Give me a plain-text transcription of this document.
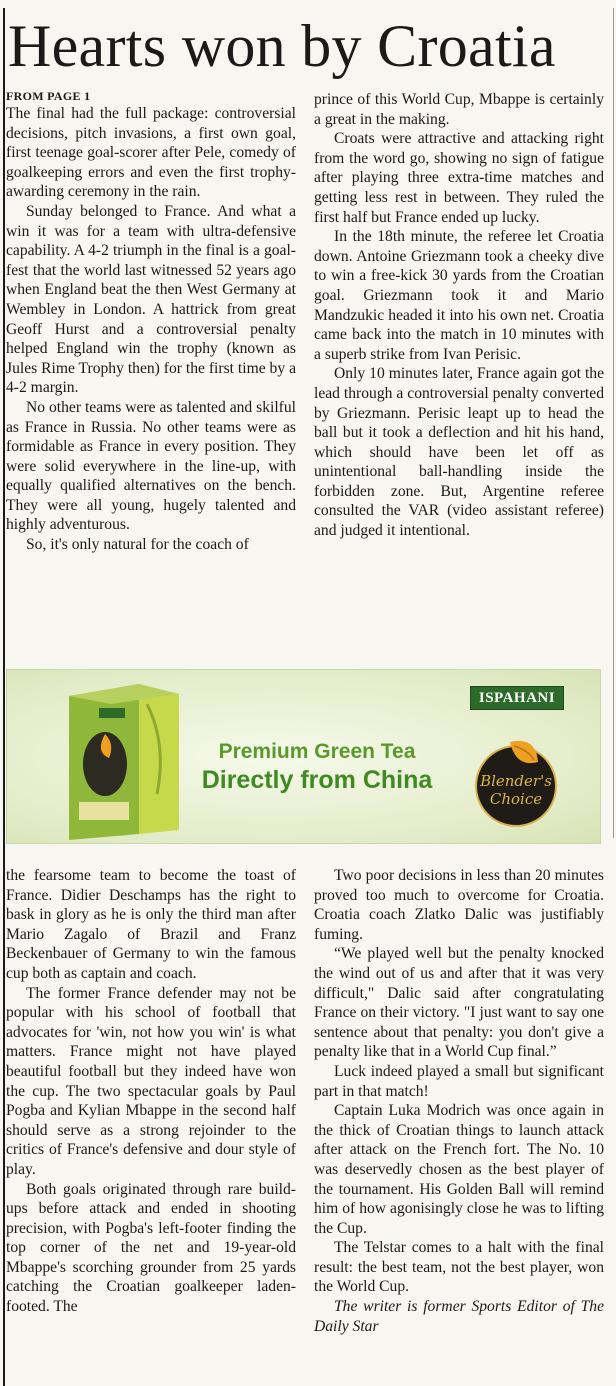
Hearts won by Croatia
FROM PAGE 1

The final had the full package: controversial decisions, pitch invasions, a first own goal, first teenage goal-scorer after Pele, comedy of goalkeeping errors and even the first trophy-awarding ceremony in the rain.

Sunday belonged to France. And what a win it was for a team with ultra-defensive capability. A 4-2 triumph in the final is a goal-fest that the world last witnessed 52 years ago when England beat the then West Germany at Wembley in London. A hattrick from great Geoff Hurst and a controversial penalty helped England win the trophy (known as Jules Rime Trophy then) for the first time by a 4-2 margin.

No other teams were as talented and skilful as France in Russia. No other teams were as formidable as France in every position. They were solid everywhere in the line-up, with equally qualified alternatives on the bench. They were all young, hugely talented and highly adventurous.

So, it's only natural for the coach of

prince of this World Cup, Mbappe is certainly a great in the making.

Croats were attractive and attacking right from the word go, showing no sign of fatigue after playing three extra-time matches and getting less rest in between. They ruled the first half but France ended up lucky.

In the 18th minute, the referee let Croatia down. Antoine Griezmann took a cheeky dive to win a free-kick 30 yards from the Croatian goal. Griezmann took it and Mario Mandzukic headed it into his own net. Croatia came back into the match in 10 minutes with a superb strike from Ivan Perisic.

Only 10 minutes later, France again got the lead through a controversial penalty converted by Griezmann. Perisic leapt up to head the ball but it took a deflection and hit his hand, which should have been let off as unintentional ball-handling inside the forbidden zone. But, Argentine referee consulted the VAR (video assistant referee) and judged it intentional.

Premium Green Tea
Directly from China
ISPAHANI
Blender's
Choice

the fearsome team to become the toast of France. Didier Deschamps has the right to bask in glory as he is only the third man after Mario Zagalo of Brazil and Franz Beckenbauer of Germany to win the famous cup both as captain and coach.

The former France defender may not be popular with his school of football that advocates for 'win, not how you win' is what matters. France might not have played beautiful football but they indeed have won the cup. The two spectacular goals by Paul Pogba and Kylian Mbappe in the second half should serve as a strong rejoinder to the critics of France's defensive and dour style of play.

Both goals originated through rare build-ups before attack and ended in shooting precision, with Pogba's left-footer finding the top corner of the net and 19-year-old Mbappe's scorching grounder from 25 yards catching the Croatian goalkeeper laden-footed. The

Two poor decisions in less than 20 minutes proved too much to overcome for Croatia. Croatia coach Zlatko Dalic was justifiably fuming.

“We played well but the penalty knocked the wind out of us and after that it was very difficult," Dalic said after congratulating France on their victory. "I just want to say one sentence about that penalty: you don't give a penalty like that in a World Cup final.”

Luck indeed played a small but significant part in that match!

Captain Luka Modrich was once again in the thick of Croatian things to launch attack after attack on the French fort. The No. 10 was deservedly chosen as the best player of the tournament. His Golden Ball will remind him of how agonisingly close he was to lifting the Cup.

The Telstar comes to a halt with the final result: the best team, not the best player, won the World Cup.

The writer is former Sports Editor of The Daily Star
